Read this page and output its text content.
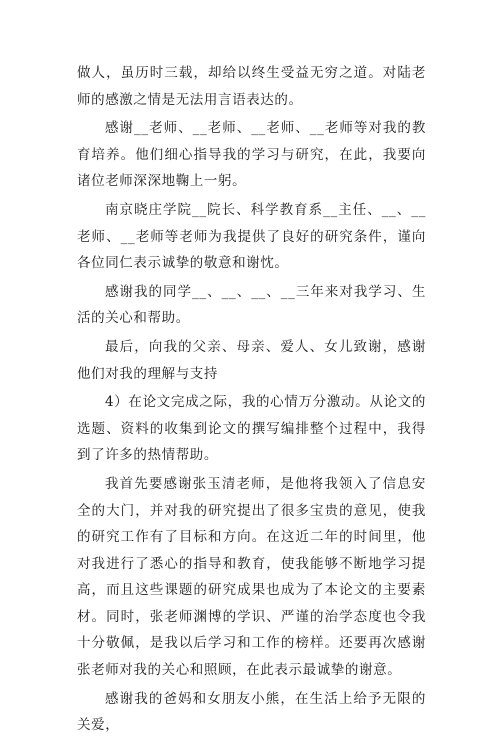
做人，虽历时三载，却给以终生受益无穷之道。对陆老师的感激之情是无法用言语表达的。

感谢__老师、__老师、__老师、__老师等对我的教育培养。他们细心指导我的学习与研究，在此，我要向诸位老师深深地鞠上一躬。

南京晓庄学院__院长、科学教育系__主任、__、__老师、__老师等老师为我提供了良好的研究条件，谨向各位同仁表示诚挚的敬意和谢忱。

感谢我的同学__、__、__、__三年来对我学习、生活的关心和帮助。

最后，向我的父亲、母亲、爱人、女儿致谢，感谢他们对我的理解与支持

4）在论文完成之际，我的心情万分激动。从论文的选题、资料的收集到论文的撰写编排整个过程中，我得到了许多的热情帮助。

我首先要感谢张玉清老师，是他将我领入了信息安全的大门，并对我的研究提出了很多宝贵的意见，使我的研究工作有了目标和方向。在这近二年的时间里，他对我进行了悉心的指导和教育，使我能够不断地学习提高，而且这些课题的研究成果也成为了本论文的主要素材。同时，张老师渊博的学识、严谨的治学态度也令我十分敬佩，是我以后学习和工作的榜样。还要再次感谢张老师对我的关心和照顾，在此表示最诚挚的谢意。

感谢我的爸妈和女朋友小熊，在生活上给予无限的关爱，
